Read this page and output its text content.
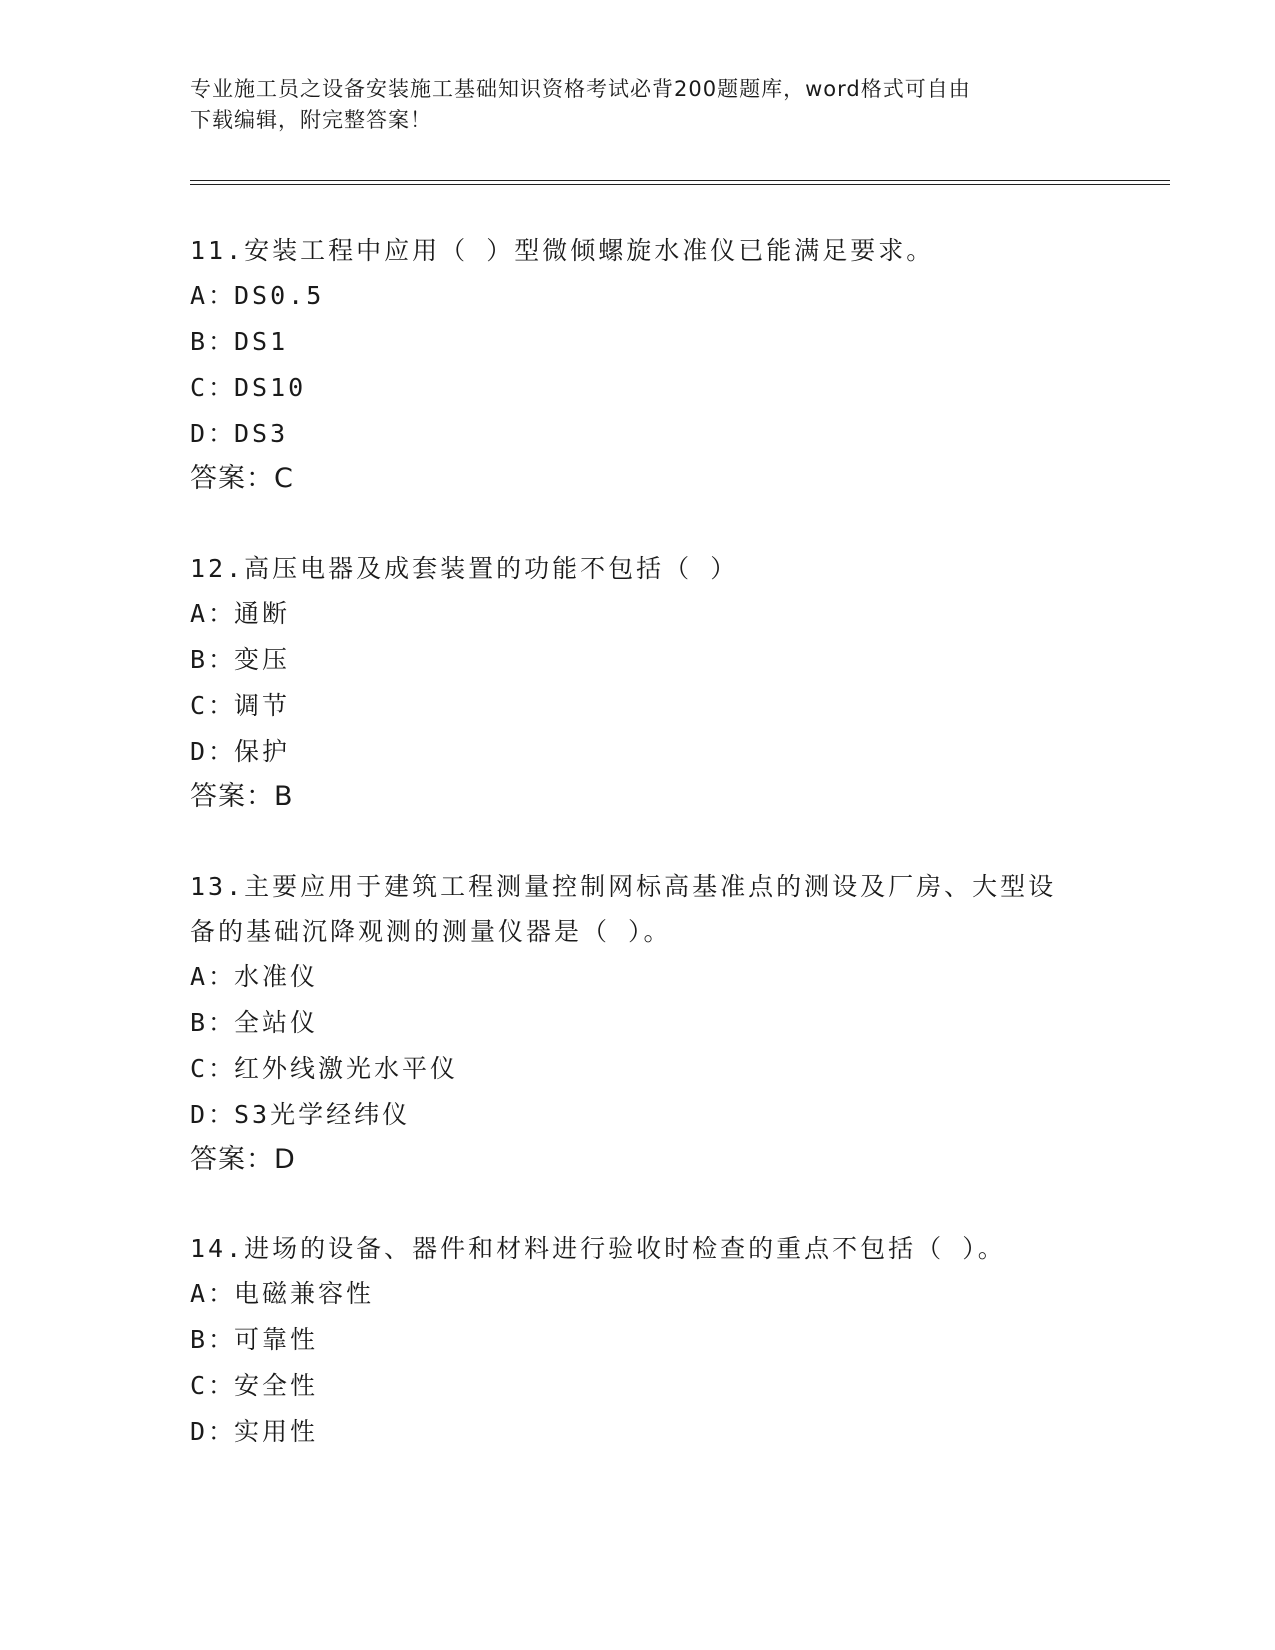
专业施工员之设备安装施工基础知识资格考试必背200题题库，word格式可自由
下载编辑，附完整答案！
11.安装工程中应用（ ）型微倾螺旋水准仪已能满足要求。
A：
DS0.5
B：
DS1
C：
DS10
D：
DS3
答案：C
12.高压电器及成套装置的功能不包括（ ）
A：
通断
B：
变压
C：
调节
D：
保护
答案：B
13.主要应用于建筑工程测量控制网标高基准点的测设及厂房、大型设
备的基础沉降观测的测量仪器是（ ）。
A：
水准仪
B：
全站仪
C：
红外线激光水平仪
D：
S3光学经纬仪
答案：D
14.进场的设备、器件和材料进行验收时检查的重点不包括（ ）。
A：
电磁兼容性
B：
可靠性
C：
安全性
D：
实用性
